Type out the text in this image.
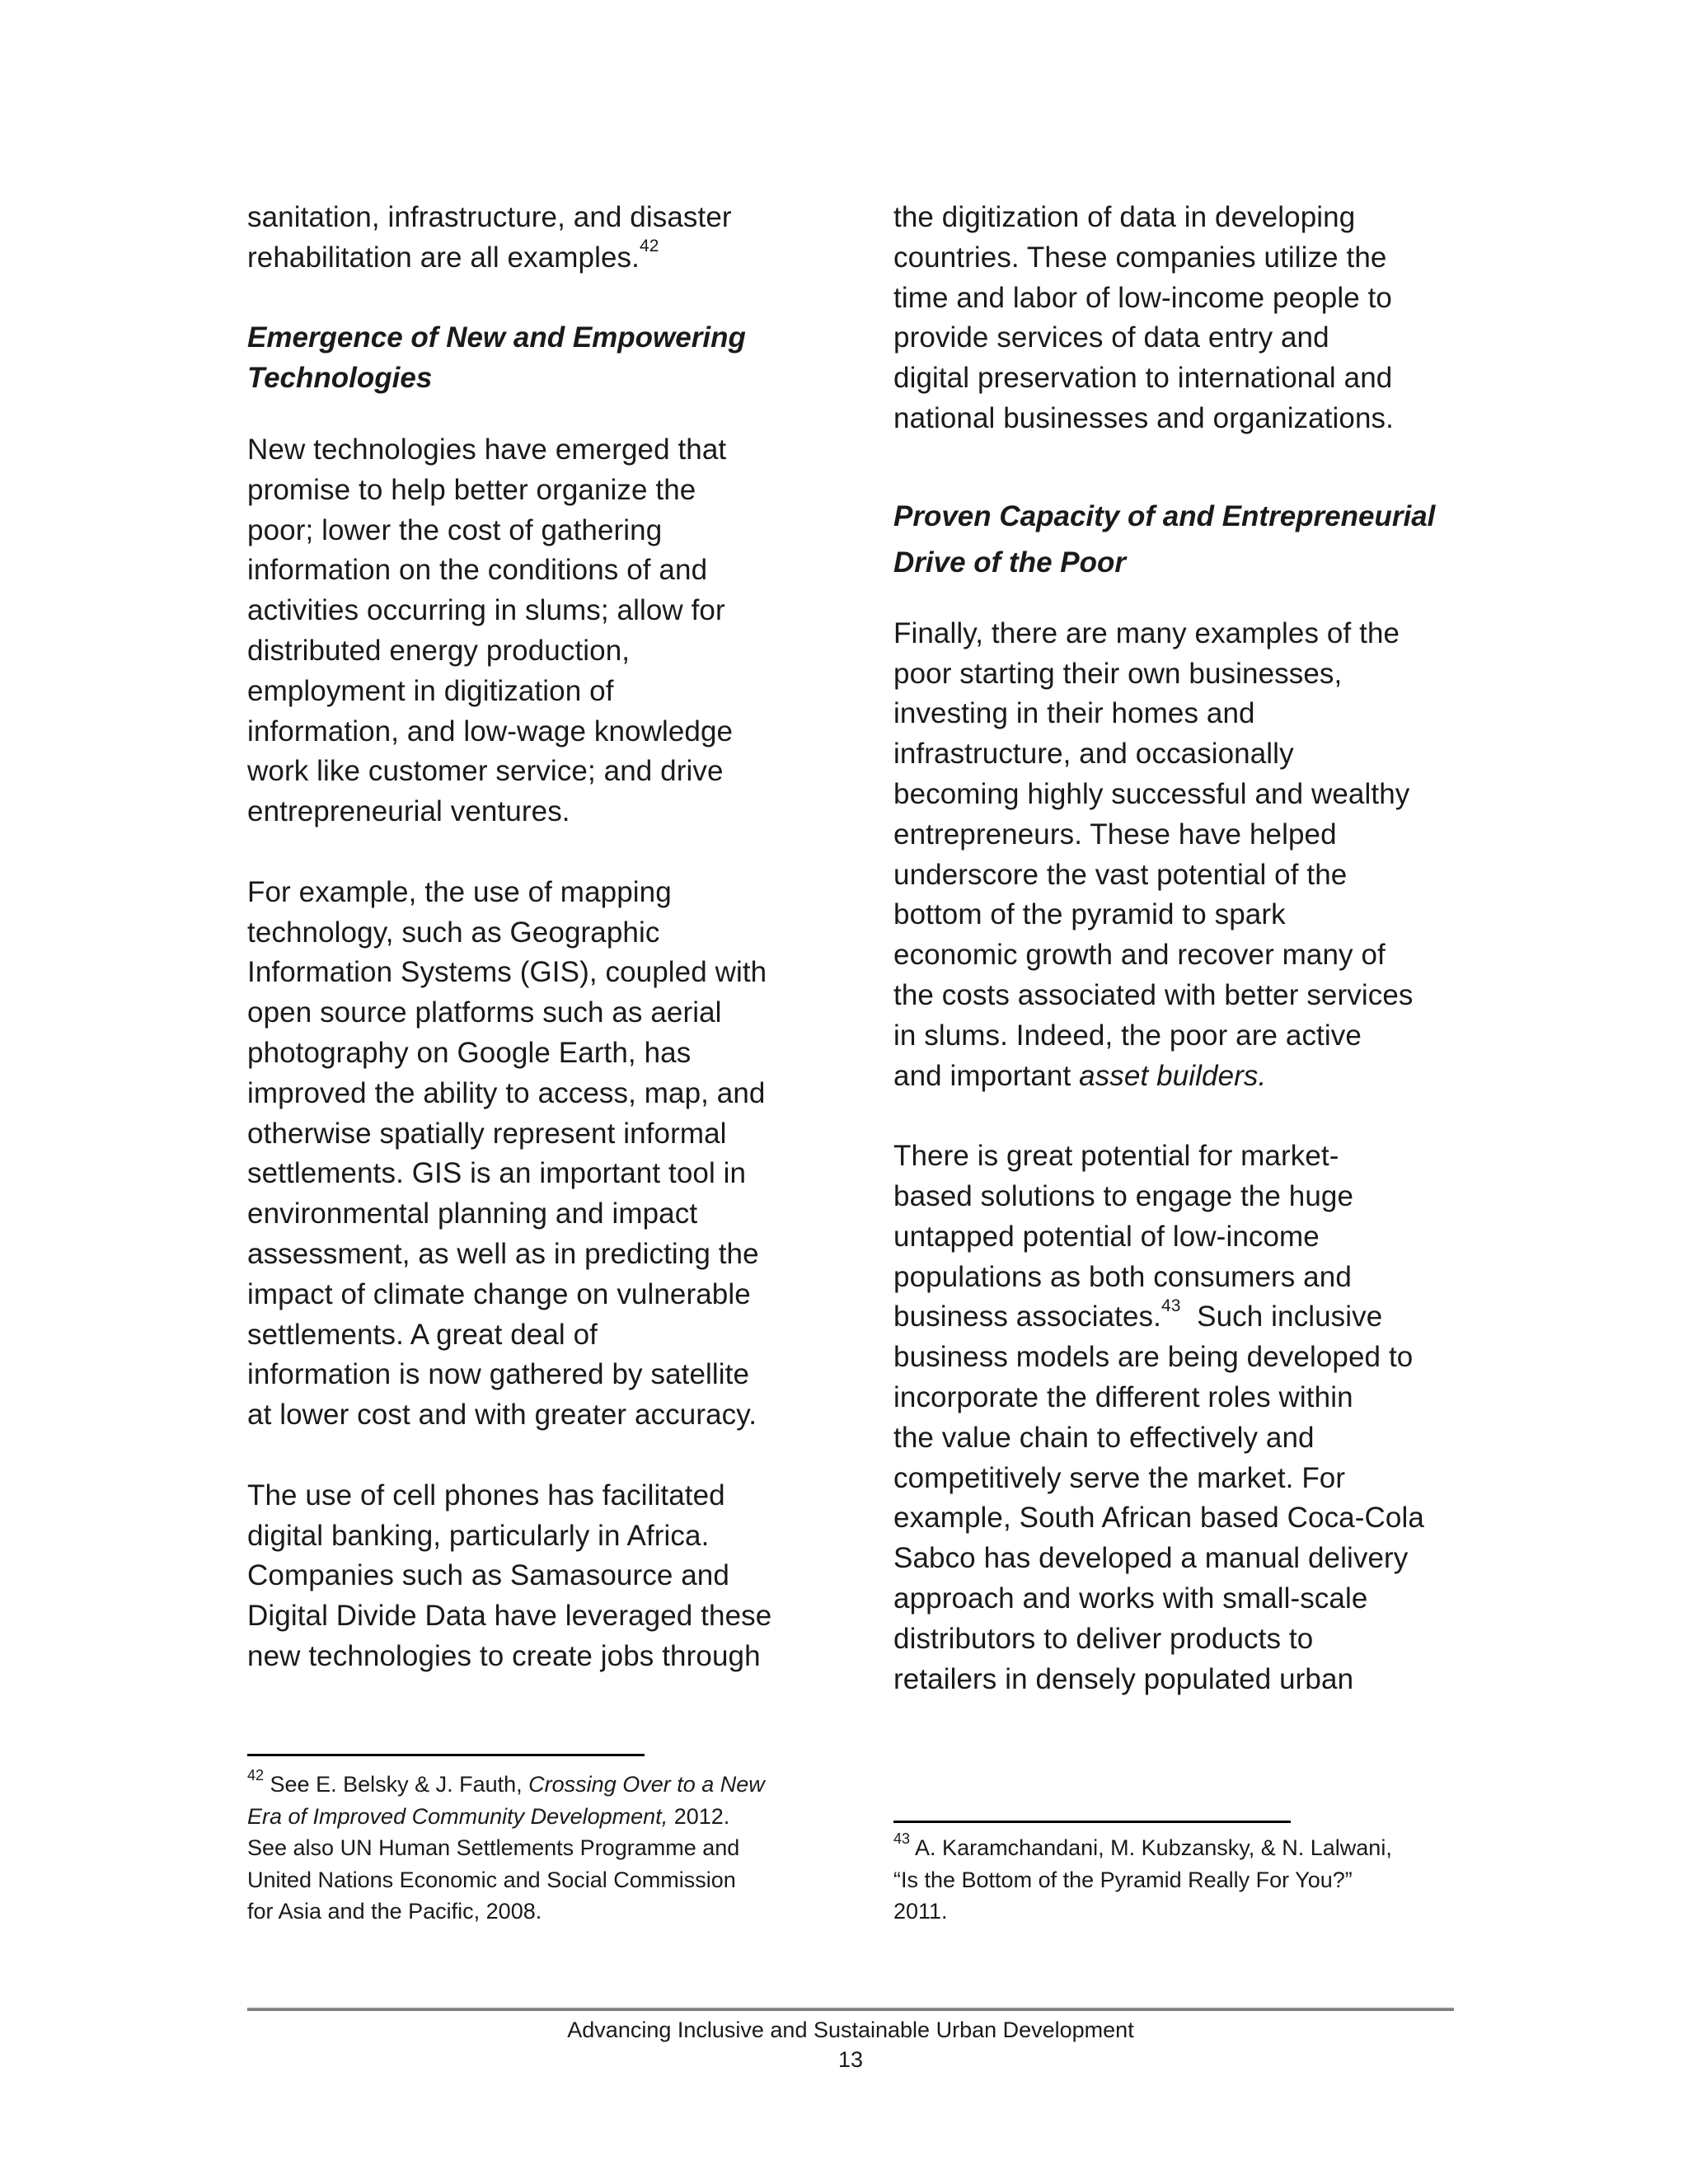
sanitation, infrastructure, and disaster
rehabilitation are all examples.$^{42}$

Emergence of New and Empowering
Technologies

New technologies have emerged that
promise to help better organize the
poor; lower the cost of gathering
information on the conditions of and
activities occurring in slums; allow for
distributed energy production,
employment in digitization of
information, and low-wage knowledge
work like customer service; and drive
entrepreneurial ventures.

For example, the use of mapping
technology, such as Geographic
Information Systems (GIS), coupled with
open source platforms such as aerial
photography on Google Earth, has
improved the ability to access, map, and
otherwise spatially represent informal
settlements. GIS is an important tool in
environmental planning and impact
assessment, as well as in predicting the
impact of climate change on vulnerable
settlements. A great deal of
information is now gathered by satellite
at lower cost and with greater accuracy.

The use of cell phones has facilitated
digital banking, particularly in Africa.
Companies such as Samasource and
Digital Divide Data have leveraged these
new technologies to create jobs through

the digitization of data in developing
countries. These companies utilize the
time and labor of low-income people to
provide services of data entry and
digital preservation to international and
national businesses and organizations.

Proven Capacity of and Entrepreneurial
Drive of the Poor

Finally, there are many examples of the
poor starting their own businesses,
investing in their homes and
infrastructure, and occasionally
becoming highly successful and wealthy
entrepreneurs. These have helped
underscore the vast potential of the
bottom of the pyramid to spark
economic growth and recover many of
the costs associated with better services
in slums. Indeed, the poor are active
and important asset builders.

There is great potential for market-
based solutions to engage the huge
untapped potential of low-income
populations as both consumers and
business associates.$^{43}$  Such inclusive
business models are being developed to
incorporate the different roles within
the value chain to effectively and
competitively serve the market. For
example, South African based Coca-Cola
Sabco has developed a manual delivery
approach and works with small-scale
distributors to deliver products to
retailers in densely populated urban

$^{42}$ See E. Belsky & J. Fauth, Crossing Over to a New
Era of Improved Community Development, 2012.
See also UN Human Settlements Programme and
United Nations Economic and Social Commission
for Asia and the Pacific, 2008.

$^{43}$ A. Karamchandani, M. Kubzansky, & N. Lalwani,
“Is the Bottom of the Pyramid Really For You?”
2011.

Advancing Inclusive and Sustainable Urban Development
13
